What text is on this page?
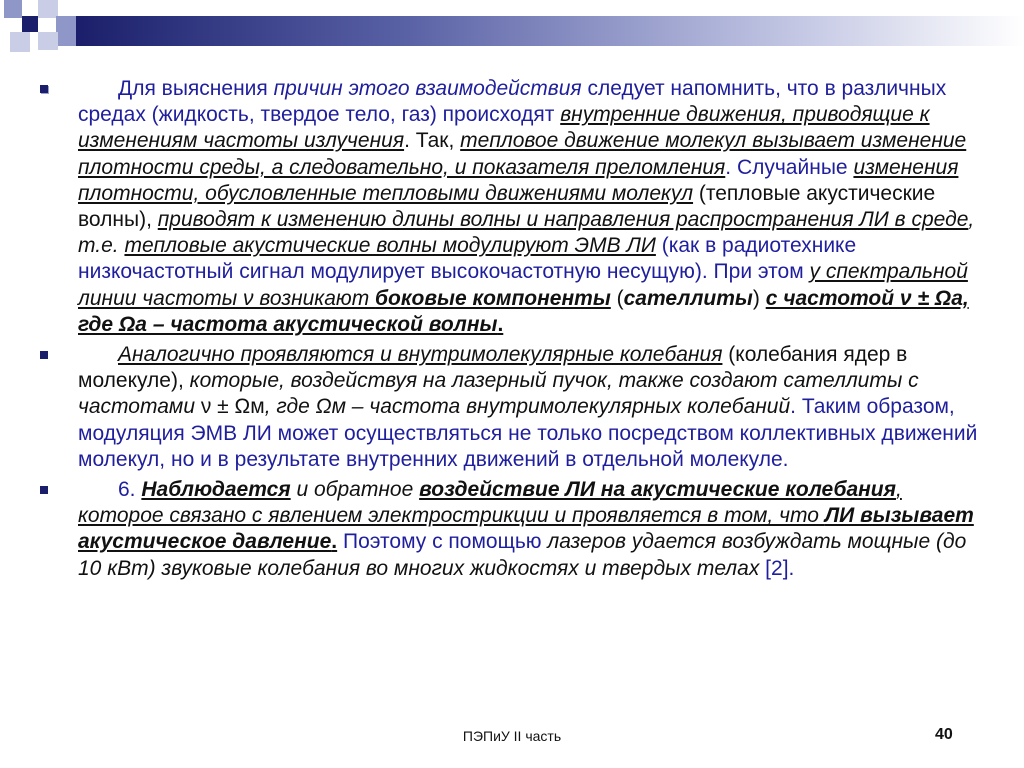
Для выяснения причин этого взаимодействия следует напомнить, что в различных средах (жидкость, твердое тело, газ) происходят внутренние движения, приводящие к изменениям частоты излучения. Так, тепловое движение молекул вызывает изменение плотности среды, а следовательно, и показателя преломления. Случайные изменения плотности, обусловленные тепловыми движениями молекул (тепловые акустические волны), приводят к изменению длины волны и направления распространения ЛИ в среде, т.е. тепловые акустические волны модулируют ЭМВ ЛИ (как в радиотехнике низкочастотный сигнал модулирует высокочастотную несущую). При этом у спектральной линии частоты ν возникают боковые компоненты (сателлиты) с частотой ν ± Ωа, где Ωа – частота акустической волны.

Аналогично проявляются и внутримолекулярные колебания (колебания ядер в молекуле), которые, воздействуя на лазерный пучок, также создают сателлиты с частотами ν ± Ωм, где Ωм – частота внутримолекулярных колебаний. Таким образом, модуляция ЭМВ ЛИ может осуществляться не только посредством коллективных движений молекул, но и в результате внутренних движений в отдельной молекуле.

6. Наблюдается и обратное воздействие ЛИ на акустические колебания, которое связано с явлением электрострикции и проявляется в том, что ЛИ вызывает акустическое давление. Поэтому с помощью лазеров удается возбуждать мощные (до 10 кВт) звуковые колебания во многих жидкостях и твердых телах [2].

ПЭПиУ II часть	40
